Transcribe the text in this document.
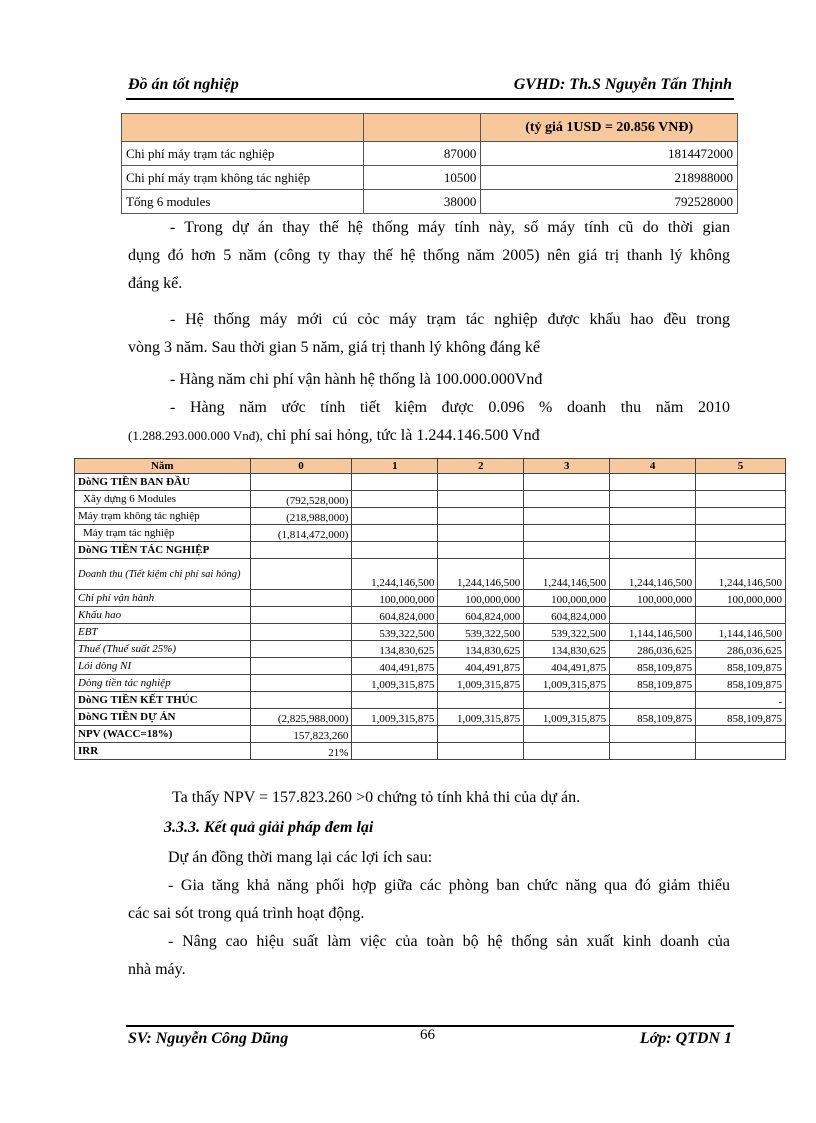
Đồ án tốt nghiệp	GVHD: Th.S Nguyễn Tấn Thịnh
		(tỷ giá 1USD = 20.856 VNĐ)
Chi phí máy trạm tác nghiệp	87000	1814472000
Chi phí máy trạm không tác nghiệp	10500	218988000
Tổng 6 modules	38000	792528000
- Trong dự án thay thế hệ thống máy tính này, số máy tính cũ do thời gian
dụng đó hơn 5 năm (công ty thay thế hệ thống năm 2005) nên giá trị thanh lý không
đáng kể.
- Hệ thống máy mới cú cỏc máy trạm tác nghiệp được khấu hao đều trong
vòng 3 năm. Sau thời gian 5 năm, giá trị thanh lý không đáng kể
- Hàng năm chi phí vận hành hệ thống là 100.000.000Vnđ
- Hàng năm ước tính tiết kiệm được 0.096 % doanh thu năm 2010
(1.288.293.000.000 Vnđ), chi phí sai hỏng, tức là 1.244.146.500 Vnđ
Năm	0	1	2	3	4	5
DòNG TIỀN BAN ĐẦU						
Xây dựng 6 Modules	(792,528,000)					
Máy trạm không tác nghiệp	(218,988,000)					
Máy trạm tác nghiệp	(1,814,472,000)					
DòNG TIỀN TÁC NGHIỆP						
Doanh thu (Tiết kiệm chi phí sai hỏng)		1,244,146,500	1,244,146,500	1,244,146,500	1,244,146,500	1,244,146,500
Chi phí vận hành		100,000,000	100,000,000	100,000,000	100,000,000	100,000,000
Khấu hao		604,824,000	604,824,000	604,824,000		
EBT		539,322,500	539,322,500	539,322,500	1,144,146,500	1,144,146,500
Thuế (Thuế suất 25%)		134,830,625	134,830,625	134,830,625	286,036,625	286,036,625
Lói dòng NI		404,491,875	404,491,875	404,491,875	858,109,875	858,109,875
Dòng tiền tác nghiệp		1,009,315,875	1,009,315,875	1,009,315,875	858,109,875	858,109,875
DòNG TIỀN KẾT THÚC						-
DòNG TIỀN DỰ ÁN	(2,825,988,000)	1,009,315,875	1,009,315,875	1,009,315,875	858,109,875	858,109,875
NPV (WACC=18%)	157,823,260					
IRR	21%					
Ta thấy NPV = 157.823.260 >0 chứng tỏ tính khả thi của dự án.
3.3.3. Kết quả giải pháp đem lại
Dự án đồng thời mang lại các lợi ích sau:
- Gia tăng khả năng phối hợp giữa các phòng ban chức năng qua đó giảm thiểu
các sai sót trong quá trình hoạt động.
- Nâng cao hiệu suất làm việc của toàn bộ hệ thống sản xuất kinh doanh của
nhà máy.
SV: Nguyễn Công Dũng	66	Lớp: QTDN 1
